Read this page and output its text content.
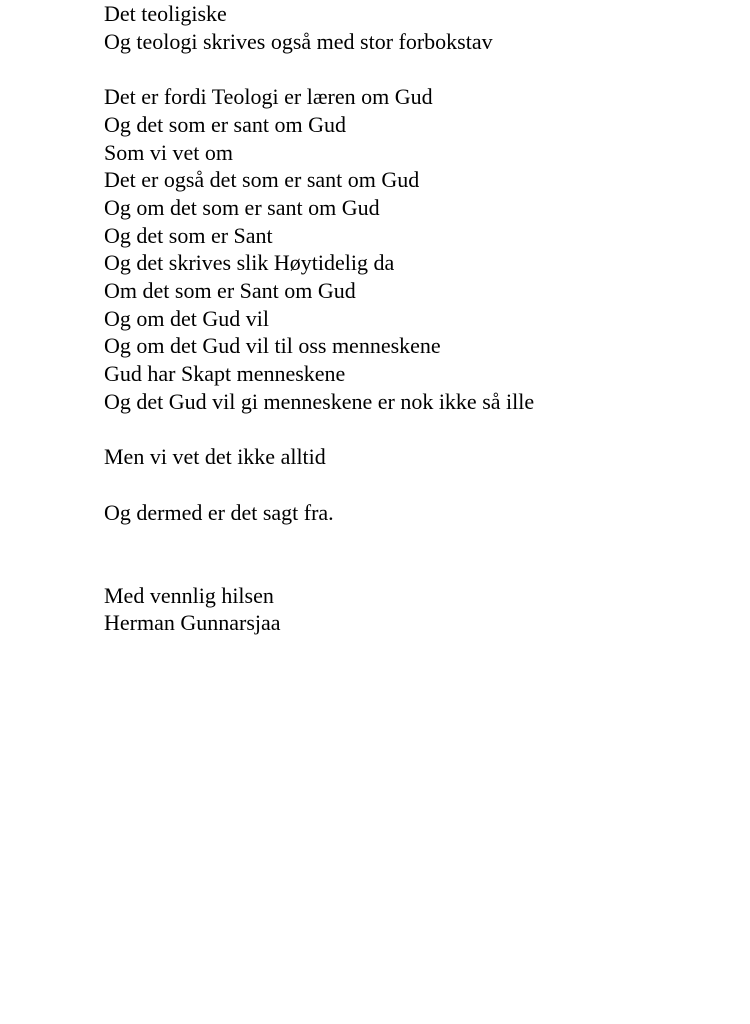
Det teoligiske
Og teologi skrives også med stor forbokstav

Det er fordi Teologi er læren om Gud
Og det som er sant om Gud
Som vi vet om
Det er også det som er sant om Gud
Og om det som er sant om Gud
Og det som er Sant
Og det skrives slik Høytidelig da
Om det som er Sant om Gud
Og om det Gud vil
Og om det Gud vil til oss menneskene
Gud har Skapt menneskene
Og det Gud vil gi menneskene er nok ikke så ille

Men vi vet det ikke alltid

Og dermed er det sagt fra.

Med vennlig hilsen
Herman Gunnarsjaa
